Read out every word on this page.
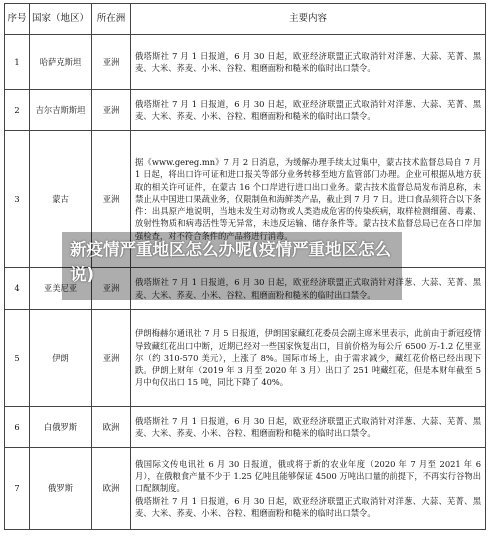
序号	国家（地区）	所在洲	主要内容
1	哈萨克斯坦	亚洲	俄塔斯社 7 月 1 日报道，6 月 30 日起，欧亚经济联盟正式取消针对洋葱、大蒜、芜菁、黑麦、大米、荞麦、小米、谷粒、粗磨面粉和糙米的临时出口禁令。
2	吉尔吉斯斯坦	亚洲	俄塔斯社 7 月 1 日报道，6 月 30 日起，欧亚经济联盟正式取消针对洋葱、大蒜、芜菁、黑麦、大米、荞麦、小米、谷粒、粗磨面粉和糙米的临时出口禁令。
3	蒙古	亚洲	据《www.gereg.mn》7 月 2 日消息，为缓解办理手续太过集中，蒙古技术监督总局自 7 月 1 日起，将出口许可证和进口报关等部分业务转移至地方监管部门办理。企业可根据从地方获取的相关许可证件，在蒙古 16 个口岸进行进口出口业务。蒙古技术监督总局发布消息称，未禁止从中国进口果蔬业务，仅限制鱼和海鲜类产品，截止到 7 月 7 日。进口食品须符合以下条件：出具原产地说明，当地未发生对动物或人类造成危害的传染疾病，取样检测细菌、毒素、放射性物质和病毒活性等无异常，未违反运输、储存条件等。蒙古技术监督总局已在各口岸加强检查，对不符合条件的产品将进行消毒。
4	亚美尼亚	亚洲	俄塔斯社 7 月 1 日报道，6 月 30 日起，欧亚经济联盟正式取消针对洋葱、大蒜、芜菁、黑麦、大米、荞麦、小米、谷粒、粗磨面粉和糙米的临时出口禁令。
5	伊朗	亚洲	伊朗梅赫尔通讯社 7 月 5 日报道，伊朗国家藏红花委员会副主席米里表示，此前由于新冠疫情导致藏红花出口中断，近期已经对一些国家恢复出口，目前价格为每公斤 6500 万-1.2 亿里亚尔（约 310-570 美元），上涨了 8%。国际市场上，由于需求减少，藏红花价格已经出现下跌。伊朗上财年（2019 年 3 月至 2020 年 3 月）出口了 251 吨藏红花，但是本财年截至 5 月中旬仅出口 15 吨，同比下降了 40%。
6	白俄罗斯	欧洲	俄塔斯社 7 月 1 日报道，6 月 30 日起，欧亚经济联盟正式取消针对洋葱、大蒜、芜菁、黑麦、大米、荞麦、小米、谷粒、粗磨面粉和糙米的临时出口禁令。
7	俄罗斯	欧洲	俄国际文传电讯社 6 月 30 日报道，俄或将于新的农业年度（2020 年 7 月至 2021 年 6 月），在俄粮食产量不少于 1.25 亿吨且能够保证 4500 万吨出口量的前提下，不再实行谷物出口配额制度。
俄塔斯社 7 月 1 日报道，6 月 30 日起，欧亚经济联盟正式取消针对洋葱、大蒜、芜菁、黑麦、大米、荞麦、小米、谷粒、粗磨面粉和糙米的临时出口禁令。
新疫情严重地区怎么办呢(疫情严重地区怎么说)
